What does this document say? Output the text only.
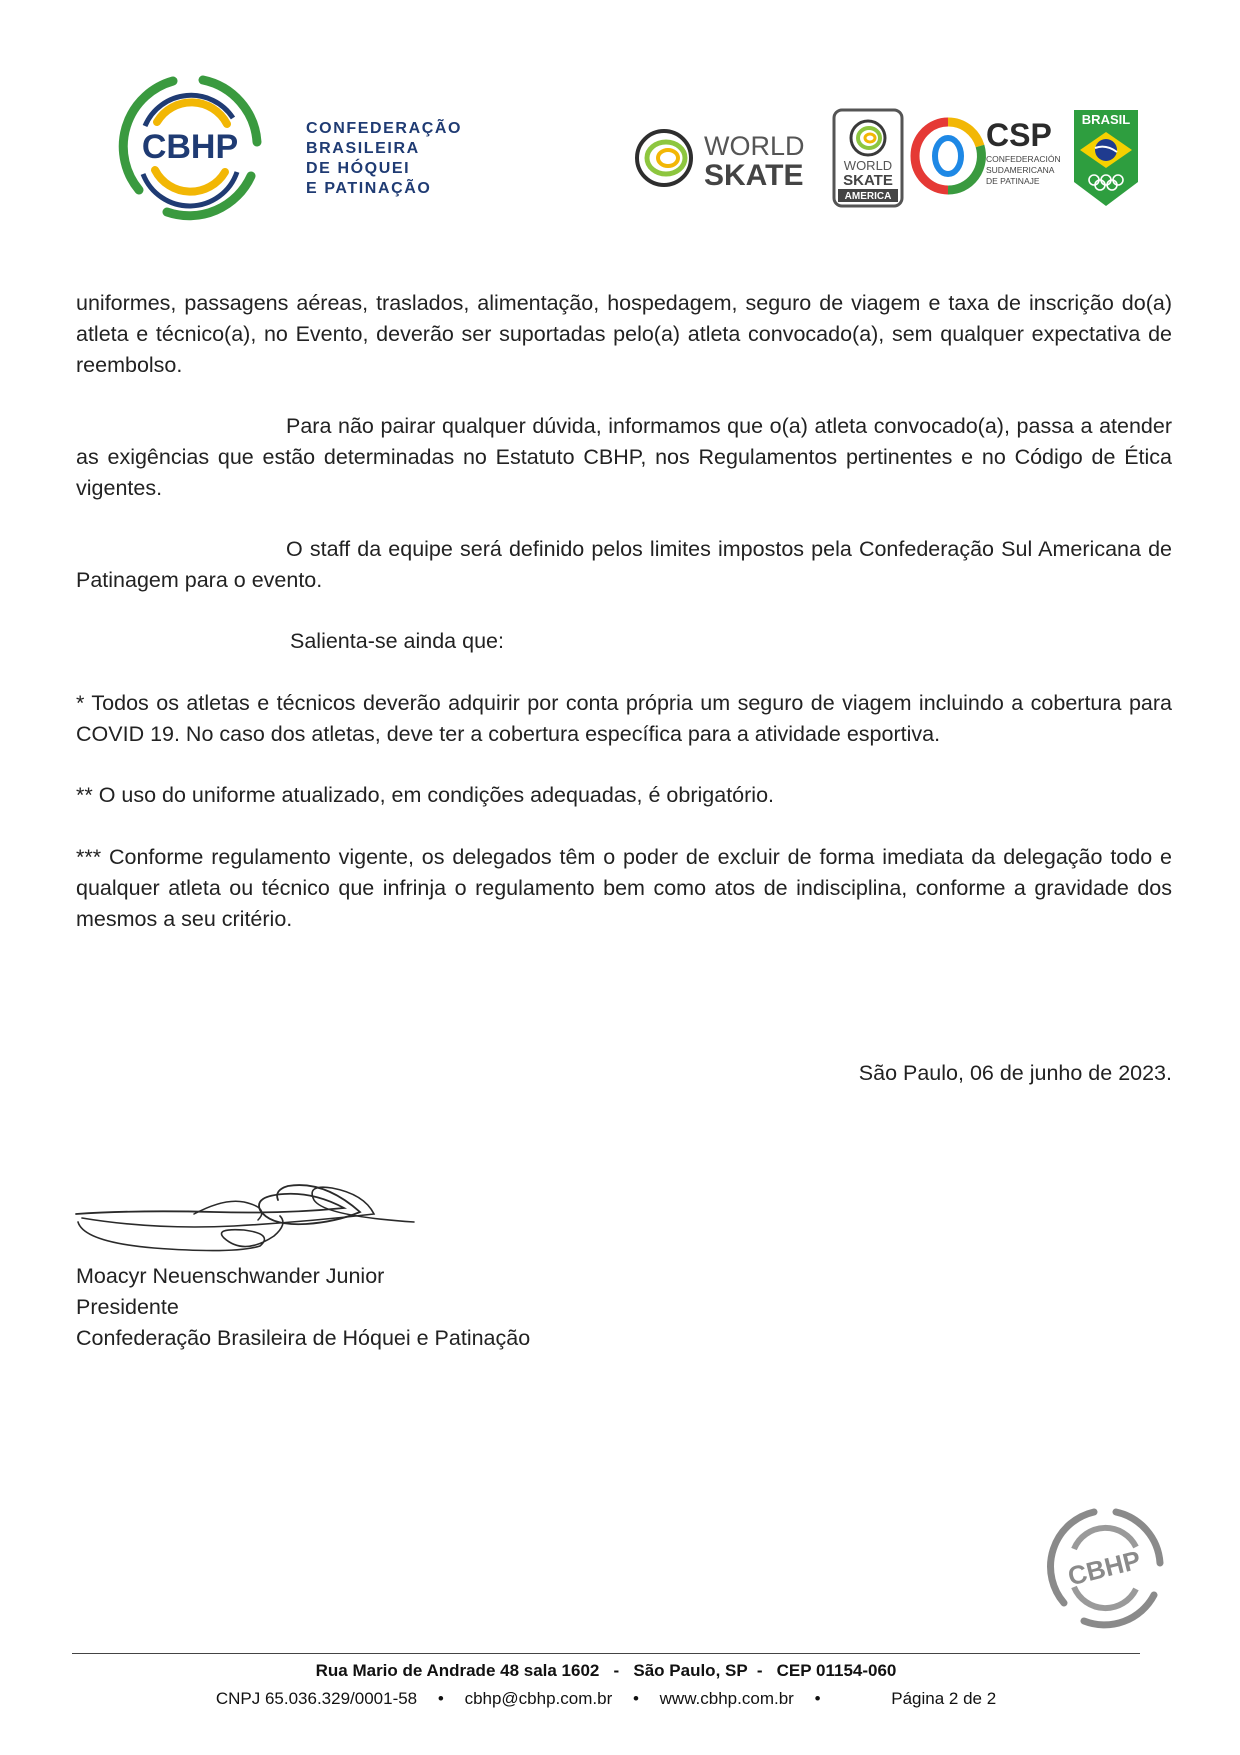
CBHP	CONFEDERAÇÃO
BRASILEIRA
DE HÓQUEI
E PATINAÇÃO
WORLD
SKATE	WORLD
SKATE
AMERICA
CSP
CONFEDERACIÓN
SUDAMERICANA
DE PATINAJE
BRASIL
uniformes, passagens aéreas, traslados, alimentação, hospedagem, seguro de viagem e taxa de inscrição do(a) atleta e técnico(a), no Evento, deverão ser suportadas pelo(a) atleta convocado(a), sem qualquer expectativa de reembolso.
Para não pairar qualquer dúvida, informamos que o(a) atleta convocado(a), passa a atender as exigências que estão determinadas no Estatuto CBHP, nos Regulamentos pertinentes e no Código de Ética vigentes.
O staff da equipe será definido pelos limites impostos pela Confederação Sul Americana de Patinagem para o evento.
Salienta-se ainda que:
* Todos os atletas e técnicos deverão adquirir por conta própria um seguro de viagem incluindo a cobertura para COVID 19. No caso dos atletas, deve ter a cobertura específica para a atividade esportiva.
** O uso do uniforme atualizado, em condições adequadas, é obrigatório.
*** Conforme regulamento vigente, os delegados têm o poder de excluir de forma imediata da delegação todo e qualquer atleta ou técnico que infrinja o regulamento bem como atos de indisciplina, conforme a gravidade dos mesmos a seu critério.
São Paulo, 06 de junho de 2023.
Moacyr Neuenschwander Junior
Presidente
Confederação Brasileira de Hóquei e Patinação
CBHP
Rua Mario de Andrade 48 sala 1602   -   São Paulo, SP  -   CEP 01154-060
CNPJ 65.036.329/0001-58 • cbhp@cbhp.com.br • www.cbhp.com.br •	Página 2 de 2
